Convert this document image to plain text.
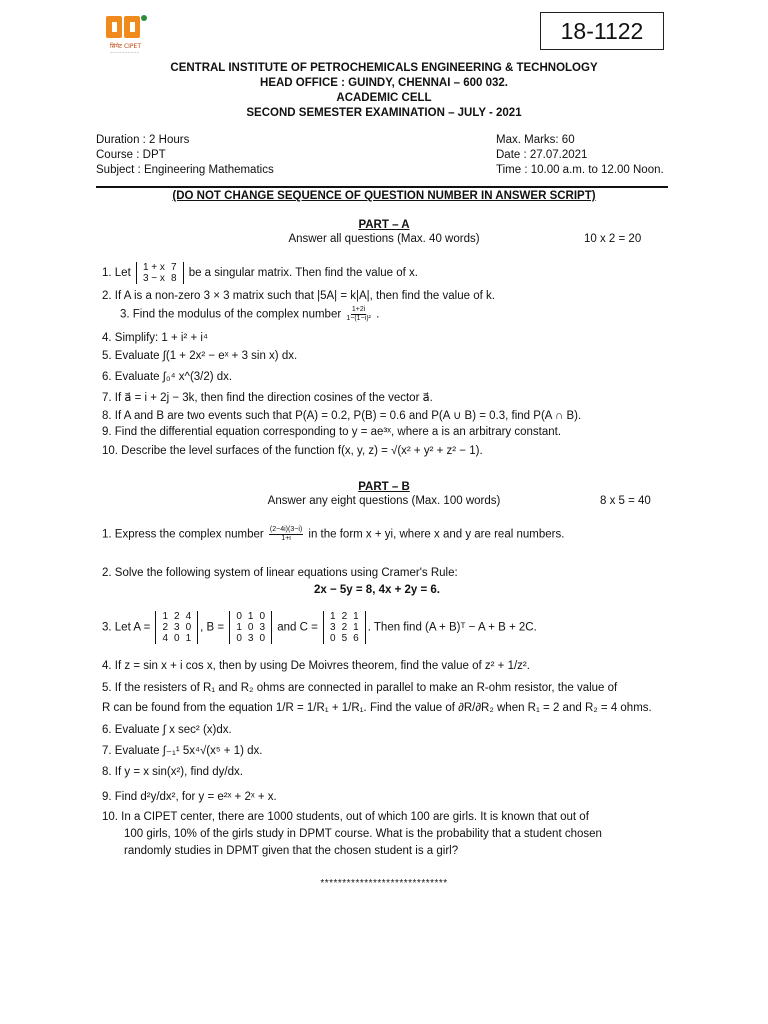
सिपेट CIPET
~~~~~~~~~~
18-1122
CENTRAL INSTITUTE OF PETROCHEMICALS ENGINEERING & TECHNOLOGY
HEAD OFFICE : GUINDY, CHENNAI – 600 032.
ACADEMIC CELL
SECOND SEMESTER EXAMINATION – JULY - 2021
Duration : 2 Hours
Course : DPT
Subject : Engineering Mathematics
Max. Marks: 60
Date : 27.07.2021
Time : 10.00 a.m. to 12.00 Noon.
(DO NOT CHANGE SEQUENCE OF QUESTION NUMBER IN ANSWER SCRIPT)
PART – A
Answer all questions (Max. 40 words)	10 x 2 = 20
1. Let 1 + x	7
3 − x	8 be a singular matrix. Then find the value of x.
2. If A is a non-zero 3 × 3 matrix such that |5A| = k|A|, then find the value of k.
3. Find the modulus of the complex number $\frac{1+2i}{\text{1−(1−i)²}}$ .
4. Simplify: 1 + i² + i⁴
5. Evaluate ∫(1 + 2x² − eˣ + 3 sin x) dx.
6. Evaluate ∫₀⁴ x^(3/2) dx.
7. If a⃗ = i + 2j − 3k, then find the direction cosines of the vector a⃗.
8. If A and B are two events such that P(A) = 0.2, P(B) = 0.6 and P(A ∪ B) = 0.3, find P(A ∩ B).
9. Find the differential equation corresponding to y = ae³ˣ, where a is an arbitrary constant.
10. Describe the level surfaces of the function f(x, y, z) = √(x² + y² + z² − 1).
PART – B
Answer any eight questions (Max. 100 words)	8 x 5 = 40
1. Express the complex number $\frac{(2-4i)(3-i)}{1+i}$ in the form x + yi, where x and y are real numbers.
2. Solve the following system of linear equations using Cramer's Rule:
2x − 5y = 8, 4x + 2y = 6.
3. Let A =
1	2	4
2	3	0
4	0	1
, B =
0	1	0
1	0	3
0	3	0
and C =
1	2	1
3	2	1
0	5	6
. Then find (A + B)ᵀ − A + B + 2C.
4. If z = sin x + i cos x, then by using De Moivres theorem, find the value of z² + 1/z².
5. If the resisters of R₁ and R₂ ohms are connected in parallel to make an R-ohm resistor, the value of
R can be found from the equation 1/R = 1/R₁ + 1/R₁. Find the value of ∂R/∂R₂ when R₁ = 2 and R₂ = 4 ohms.
6. Evaluate ∫ x sec² (x)dx.
7. Evaluate ∫₋₁¹ 5x⁴√(x⁵ + 1) dx.
8. If y = x sin(x²), find dy/dx.
9. Find d²y/dx², for y = e²ˣ + 2ˣ + x.
10. In a CIPET center, there are 1000 students, out of which 100 are girls. It is known that out of
100 girls, 10% of the girls study in DPMT course. What is the probability that a student chosen
randomly studies in DPMT given that the chosen student is a girl?
*****************************
